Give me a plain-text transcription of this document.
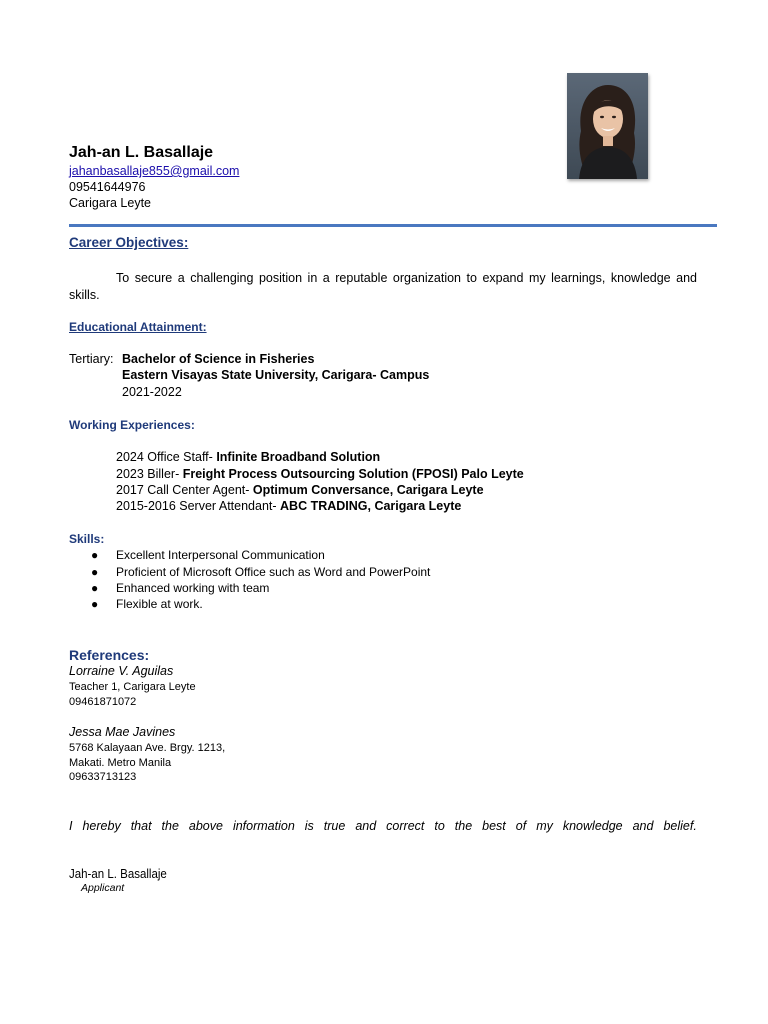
Jah-an L. Basallaje
jahanbasallaje855@gmail.com
09541644976
Carigara Leyte
Career Objectives:
To secure a challenging position in a reputable organization to expand my learnings, knowledge and skills.
Educational Attainment:
Tertiary: Bachelor of Science in Fisheries
Eastern Visayas State University, Carigara- Campus
2021-2022
Working Experiences:
2024 Office Staff- Infinite Broadband Solution
2023 Biller- Freight Process Outsourcing Solution (FPOSI) Palo Leyte
2017 Call Center Agent- Optimum Conversance, Carigara Leyte
2015-2016 Server Attendant- ABC TRADING, Carigara Leyte
Skills:
● Excellent Interpersonal Communication
● Proficient of Microsoft Office such as Word and PowerPoint
● Enhanced working with team
● Flexible at work.
References:
Lorraine V. Aguilas
Teacher 1, Carigara Leyte
09461871072
Jessa Mae Javines
5768 Kalayaan Ave. Brgy. 1213,
Makati. Metro Manila
09633713123
I hereby that the above information is true and correct to the best of my knowledge and belief.
Jah-an L. Basallaje
Applicant
